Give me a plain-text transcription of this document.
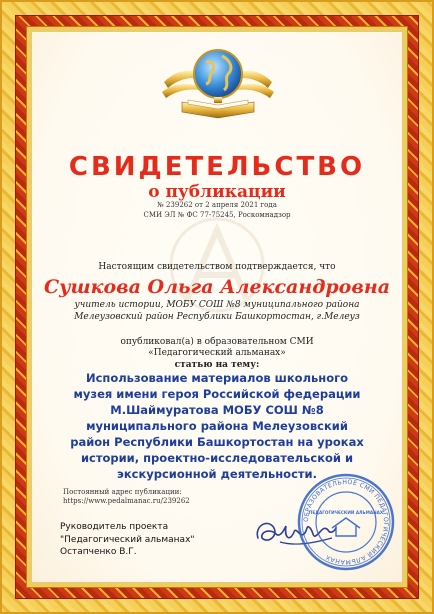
СВИДЕТЕЛЬСТВО
о публикации
№ 239262 от 2 апреля 2021 года
СМИ ЭЛ № ФС 77-75245, Роскомнадзор
Настоящим свидетельством подтверждается, что
Сушкова Ольга Александровна
учитель истории, МОБУ СОШ №8 муниципального района
Мелеузовский район Республики Башкортостан, г.Мелеуз
опубликовал(а) в образовательном СМИ
«Педагогический альманах»
статью на тему:
Использование материалов школьного музея имени героя Российской федерации М.Шаймуратова МОБУ СОШ №8 муниципального района Мелеузовский район Республики Башкортостан на уроках истории, проектно-исследовательской и экскурсионной деятельности.
Постоянный адрес публикации:
https://www.pedalmanac.ru/239262
Руководитель проекта
"Педагогический альманах"
Остапченко В.Г.
ОБРАЗОВАТЕЛЬНОЕ СМИ ПЕДАГОГИЧЕСКИЙ АЛЬМАНАХ
ПЕДАГОГИЧЕСКИЙ АЛЬМАНАХ
